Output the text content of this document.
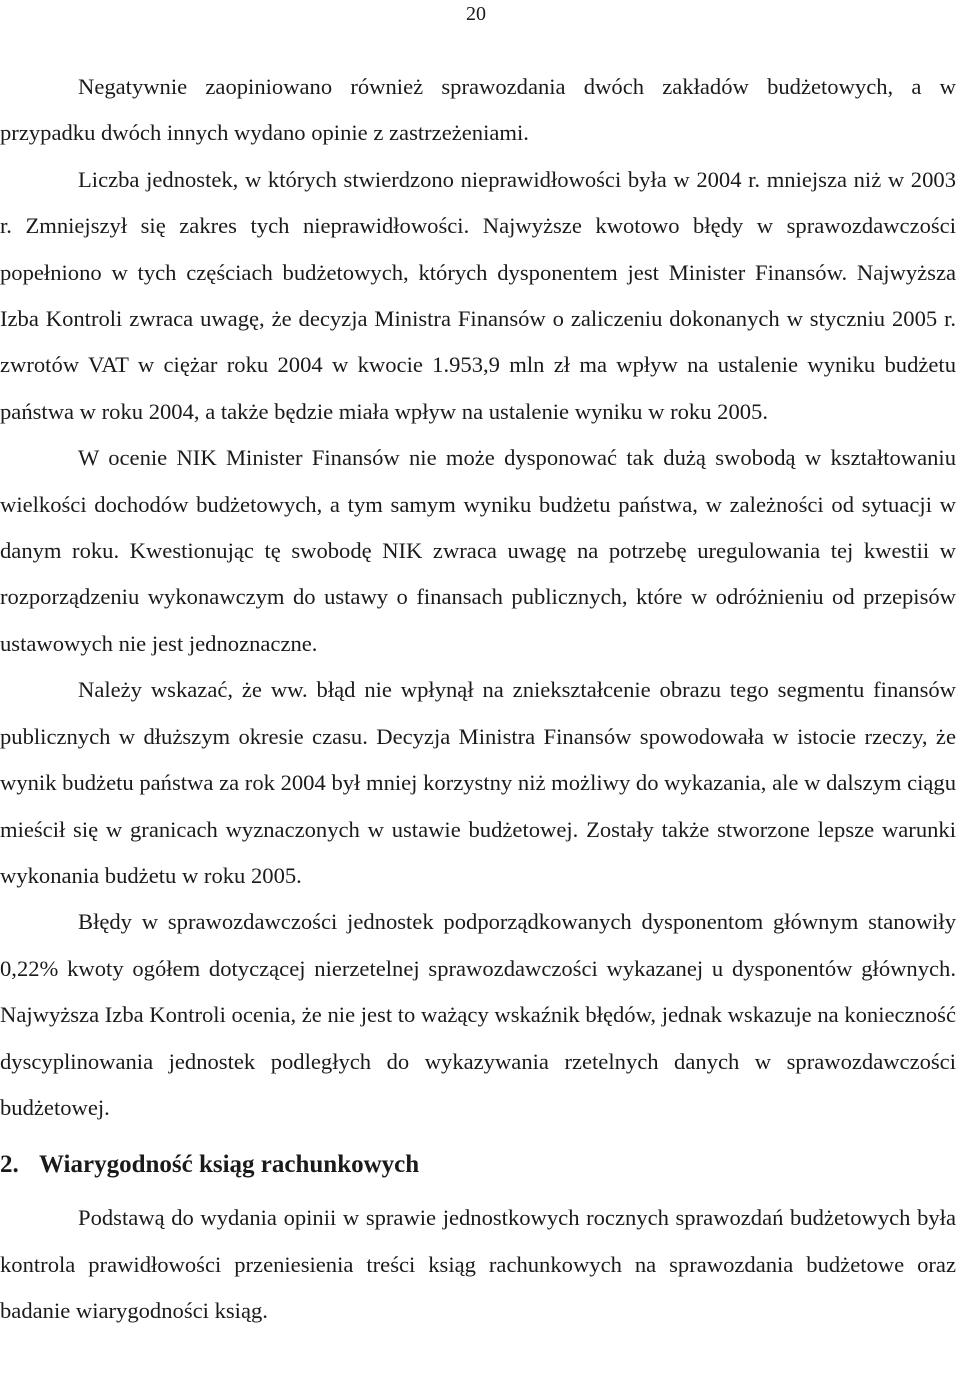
20

Negatywnie zaopiniowano również sprawozdania dwóch zakładów budżetowych, a w przypadku dwóch innych wydano opinie z zastrzeżeniami.

Liczba jednostek, w których stwierdzono nieprawidłowości była w 2004 r. mniejsza niż w 2003 r. Zmniejszył się zakres tych nieprawidłowości. Najwyższe kwotowo błędy w sprawozdawczości popełniono w tych częściach budżetowych, których dysponentem jest Minister Finansów. Najwyższa Izba Kontroli zwraca uwagę, że decyzja Ministra Finansów o zaliczeniu dokonanych w styczniu 2005 r. zwrotów VAT w ciężar roku 2004 w kwocie 1.953,9 mln zł ma wpływ na ustalenie wyniku budżetu państwa w roku 2004, a także będzie miała wpływ na ustalenie wyniku w roku 2005.

W ocenie NIK Minister Finansów nie może dysponować tak dużą swobodą w kształtowaniu wielkości dochodów budżetowych, a tym samym wyniku budżetu państwa, w zależności od sytuacji w danym roku. Kwestionując tę swobodę NIK zwraca uwagę na potrzebę uregulowania tej kwestii w rozporządzeniu wykonawczym do ustawy o finansach publicznych, które w odróżnieniu od przepisów ustawowych nie jest jednoznaczne.

Należy wskazać, że ww. błąd nie wpłynął na zniekształcenie obrazu tego segmentu finansów publicznych w dłuższym okresie czasu. Decyzja Ministra Finansów spowodowała w istocie rzeczy, że wynik budżetu państwa za rok 2004 był mniej korzystny niż możliwy do wykazania, ale w dalszym ciągu mieścił się w granicach wyznaczonych w ustawie budżetowej. Zostały także stworzone lepsze warunki wykonania budżetu w roku 2005.

Błędy w sprawozdawczości jednostek podporządkowanych dysponentom głównym stanowiły 0,22% kwoty ogółem dotyczącej nierzetelnej sprawozdawczości wykazanej u dysponentów głównych. Najwyższa Izba Kontroli ocenia, że nie jest to ważący wskaźnik błędów, jednak wskazuje na konieczność dyscyplinowania jednostek podległych do wykazywania rzetelnych danych w sprawozdawczości budżetowej.

2. Wiarygodność ksiąg rachunkowych

Podstawą do wydania opinii w sprawie jednostkowych rocznych sprawozdań budżetowych była kontrola prawidłowości przeniesienia treści ksiąg rachunkowych na sprawozdania budżetowe oraz badanie wiarygodności ksiąg.
